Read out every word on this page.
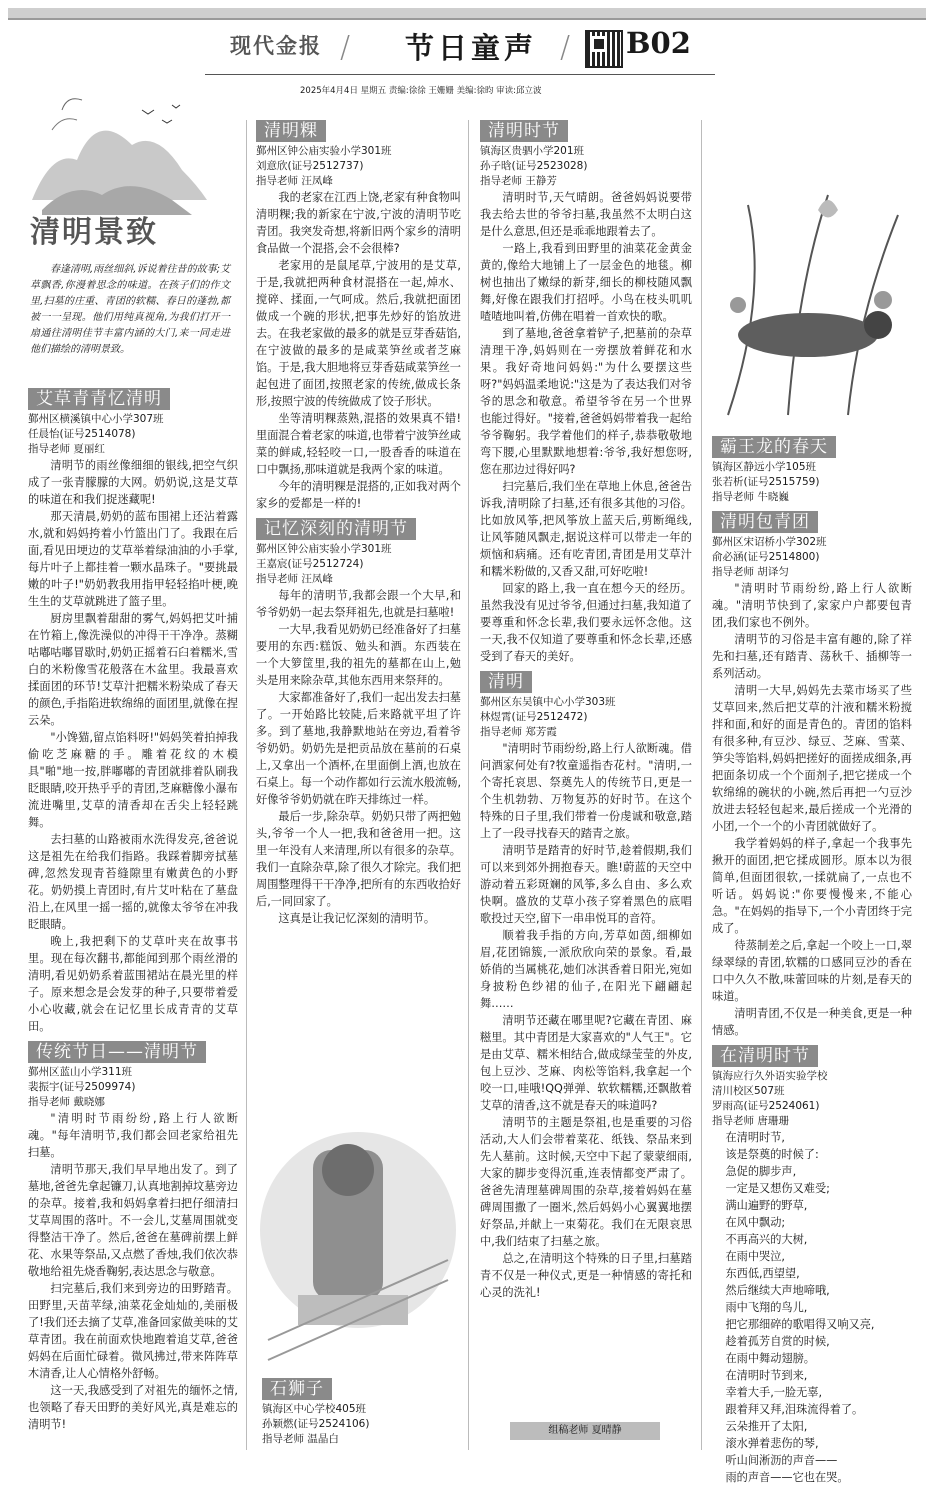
现代金报 / 节日童声 / B02
2025年4月4日 星期五 责编:徐徐 王姗姗 美编:徐昀 审读:邱立波
清明景致

春逢清明,雨丝细斜,诉说着往昔的故事;艾草飘香,你漫着思念的味道。在孩子们的作文里,扫墓的庄重、青团的软糯、春日的蓬勃,都被一一呈现。他们用纯真视角,为我们打开一扇通往清明佳节丰富内涵的大门,来一同走进他们描绘的清明景致。

艾草青青忆清明

鄞州区横溪镇中心小学307班

任晨怡(证号2514078)

指导老师 夏丽红

清明节的雨丝像细细的银线,把空气织成了一张青朦朦的大网。奶奶说,这是艾草的味道在和我们捉迷藏呢!

那天清晨,奶奶的蓝布围裙上还沾着露水,就和妈妈挎着小竹篮出门了。我跟在后面,看见田埂边的艾草举着绿油油的小手掌,每片叶子上都挂着一颗水晶珠子。"要挑最嫩的叶子!"奶奶教我用指甲轻轻掐叶梗,晚生生的艾草就跳进了篮子里。

厨房里飘着甜甜的雾气,妈妈把艾叶捕在竹箱上,像洗澡似的冲得干干净净。蒸糊咕嘟咕嘟冒歇时,奶奶正摇着石臼着糯米,雪白的米粉像雪花般落在木盆里。我最喜欢揉面团的环节!艾草汁把糯米粉染成了春天的颜色,手指陷进软绵绵的面团里,就像在捏云朵。

"小馋猫,留点馅料呀!"妈妈笑着拍掉我偷吃芝麻糖的手。雕着花纹的木模具"啪"地一按,胖嘟嘟的青团就排着队刷我眨眼睛,咬开热乎乎的青团,芝麻糖像小瀑布流进嘴里,艾草的清香却在舌尖上轻轻跳舞。

去扫墓的山路被雨水洗得发亮,爸爸说这是祖先在给我们指路。我踩着脚旁拭墓碑,忽然发现青苔缝隙里有嫩黄色的小野花。奶奶摸上青团时,有片艾叶粘在了墓盘沿上,在风里一摇一摇的,就像太爷爷在冲我眨眼睛。

晚上,我把剩下的艾草叶夹在故事书里。现在每次翻书,都能闻到那个雨丝滑的清明,看见奶奶系着蓝围裙站在晨光里的样子。原来想念是会发芽的种子,只要带着爱小心收藏,就会在记忆里长成青青的艾草田。

传统节日——清明节

鄞州区蓝山小学311班

裴振宇(证号2509974)

指导老师 戴晓娜

"清明时节雨纷纷,路上行人欲断魂。"每年清明节,我们都会回老家给祖先扫墓。

清明节那天,我们早早地出发了。到了墓地,爸爸先拿起镰刀,认真地割掉坟墓旁边的杂草。接着,我和妈妈拿着扫把仔细清扫艾草周围的落叶。不一会儿,艾墓周围就变得整洁干净了。然后,爸爸在墓碑前摆上鲜花、水果等祭品,又点燃了香烛,我们依次恭敬地给祖先烧香鞠躬,表达思念与敬意。

扫完墓后,我们来到旁边的田野踏青。田野里,天苗苹绿,油菜花金灿灿的,美丽极了!我们还去摘了艾草,准备回家做美味的艾草青团。我在前面欢快地跑着追艾草,爸爸妈妈在后面忙碌着。微风拂过,带来阵阵草木清香,让人心情格外舒畅。

这一天,我感受到了对祖先的缅怀之情,也领略了春天田野的美好风光,真是难忘的清明节!

清明粿

鄞州区钟公庙实验小学301班

刘意欣(证号2512737)

指导老师 汪凤峰

我的老家在江西上饶,老家有种食物叫清明粿;我的新家在宁波,宁波的清明节吃青团。我突发奇想,将新旧两个家乡的清明食品做一个混搭,会不会很棒?

老家用的是鼠尾草,宁波用的是艾草,于是,我就把两种食材混搭在一起,焯水、搅碎、揉面,一气呵成。然后,我就把面团做成一个碗的形状,把事先炒好的馅放进去。在我老家做的最多的就是豆芽香菇馅,在宁波做的最多的是咸菜笋丝或者芝麻馅。于是,我大胆地将豆芽香菇咸菜笋丝一起包进了面团,按照老家的传统,做成长条形,按照宁波的传统做成了饺子形状。

坐等清明粿蒸熟,混搭的效果真不错!里面混合着老家的味道,也带着宁波笋丝咸菜的鲜咸,轻轻咬一口,一股香香的味道在口中飘扬,那味道就是我两个家的味道。

今年的清明粿是混搭的,正如我对两个家乡的爱都是一样的!

记忆深刻的清明节

鄞州区钟公庙实验小学301班

王嘉宸(证号2512724)

指导老师 汪凤峰

每年的清明节,我都会跟一个大早,和爷爷奶奶一起去祭拜祖先,也就是扫墓啦!

一大早,我看见奶奶已经准备好了扫墓要用的东西:糕饭、勉头和酒。东西装在一个大箩筐里,我的祖先的墓都在山上,勉头是用来除杂草,其他东西用来祭拜的。

大家都准备好了,我们一起出发去扫墓了。一开始路比较陡,后来路就平坦了许多。到了墓地,我静默地站在旁边,看着爷爷奶奶。奶奶先是把贡品放在墓前的石桌上,又拿出一个酒杯,在里面倒上酒,也放在石桌上。每一个动作都如行云流水般流畅,好像爷爷奶奶就在昨天排练过一样。

最后一步,除杂草。奶奶只带了两把勉头,爷爷一个人一把,我和爸爸用一把。这里一年没有人来清理,所以有很多的杂草。我们一直除杂草,除了很久才除完。我们把周围整理得干干净净,把所有的东西收拾好后,一同回家了。

这真是让我记忆深刻的清明节。

石狮子

镇海区中心学校405班

孙颖燃(证号2524106)

指导老师 温晶白

清明时节

镇海区贵驷小学201班

孙子晗(证号2523028)

指导老师 王静芳

清明时节,天气晴朗。爸爸妈妈说要带我去给去世的爷爷扫墓,我虽然不太明白这是什么意思,但还是乖乖地跟着去了。

一路上,我看到田野里的油菜花金黄金黄的,像给大地铺上了一层金色的地毯。柳树也抽出了嫩绿的新芽,细长的柳枝随风飘舞,好像在跟我们打招呼。小鸟在枝头叽叽喳喳地叫着,仿佛在唱着一首欢快的歌。

到了墓地,爸爸拿着铲子,把墓前的杂草清理干净,妈妈则在一旁摆放着鲜花和水果。我好奇地问妈妈:"为什么要摆这些呀?"妈妈温柔地说:"这是为了表达我们对爷爷的思念和敬意。希望爷爷在另一个世界也能过得好。"接着,爸爸妈妈带着我一起给爷爷鞠躬。我学着他们的样子,恭恭敬敬地弯下腰,心里默默地想着:爷爷,我好想您呀,您在那边过得好吗?

扫完墓后,我们坐在草地上休息,爸爸告诉我,清明除了扫墓,还有很多其他的习俗。比如放风筝,把风筝放上蓝天后,剪断绳线,让风筝随风飘走,据说这样可以带走一年的烦恼和病痛。还有吃青团,青团是用艾草汁和糯米粉做的,又香又甜,可好吃啦!

回家的路上,我一直在想今天的经历。虽然我没有见过爷爷,但通过扫墓,我知道了要尊重和怀念长辈,我们要永远怀念他。这一天,我不仅知道了要尊重和怀念长辈,还感受到了春天的美好。

清明

鄞州区东吴镇中心小学303班

林煜霄(证号2512472)

指导老师 郑芳霞

"清明时节雨纷纷,路上行人欲断魂。借问酒家何处有?牧童遥指杏花村。"清明,一个寄托哀思、祭奠先人的传统节日,更是一个生机勃勃、万物复苏的好时节。在这个特殊的日子里,我们带着一份虔诚和敬意,踏上了一段寻找春天的踏青之旅。

清明节是踏青的好时节,趁着假期,我们可以来到郊外拥抱春天。瞧!蔚蓝的天空中游动着五彩斑斓的风筝,多么自由、多么欢快啊。盛放的艾草小孩子穿着黑色的底唱歌投过天空,留下一串串悦耳的音符。

顺着我手指的方向,芳草如茵,细柳如眉,花团锦簇,一派欣欣向荣的景象。看,最娇俏的当属桃花,她们冰淇香着日阳光,宛如身披粉色纱裙的仙子,在阳光下翩翩起舞……

清明节还藏在哪里呢?它藏在青团、麻糍里。其中青团是大家喜欢的"人气王"。它是由艾草、糯米相结合,做成绿莹莹的外皮,包上豆沙、芝麻、肉松等馅料,我拿起一个咬一口,哇哦!QQ弹弹、软软糯糯,还飘散着艾草的清香,这不就是春天的味道吗?

清明节的主题是祭祖,也是重要的习俗活动,大人们会带着菜花、纸钱、祭品来到先人墓前。这时候,天空中下起了蒙蒙细雨,大家的脚步变得沉重,连表情都变严肃了。爸爸先清理墓碑周围的杂草,接着妈妈在墓碑周围撒了一圈米,然后妈妈小心翼翼地摆好祭品,并献上一束菊花。我们在无限哀思中,我们结束了扫墓之旅。

总之,在清明这个特殊的日子里,扫墓踏青不仅是一种仪式,更是一种情感的寄托和心灵的洗礼!

组稿老师 夏晴静
霸王龙的春天

镇海区静远小学105班

张若析(证号2515759)

指导老师 牛晓巍

清明包青团

鄞州区宋诏桥小学302班

俞必涵(证号2514800)

指导老师 胡译匀

"清明时节雨纷纷,路上行人欲断魂。"清明节快到了,家家户户都要包青团,我们家也不例外。

清明节的习俗是丰富有趣的,除了祥先和扫墓,还有踏青、荡秋千、插柳等一系列活动。

清明一大早,妈妈先去菜市场买了些艾草回来,然后把艾草的汁液和糯米粉搅拌和面,和好的面是青色的。青团的馅料有很多种,有豆沙、绿豆、芝麻、雪菜、笋尖等馅料,妈妈把搓好的面搓成细条,再把面条切成一个个面剂子,把它搓成一个软绵绵的碗状的小碗,然后再把一勺豆沙放进去轻轻包起来,最后搓成一个光滑的小团,一个一个的小青团就做好了。

我学着妈妈的样子,拿起一个我事先揪开的面团,把它揉成圆形。原本以为很简单,但面团很软,一揉就扁了,一点也不听话。妈妈说:"你要慢慢来,不能心急。"在妈妈的指导下,一个小青团终于完成了。

待蒸制差之后,拿起一个咬上一口,翠绿翠绿的青团,软糯的口感同豆沙的香在口中久久不散,味蕾回味的片刻,是春天的味道。

清明青团,不仅是一种美食,更是一种情感。

在清明时节

镇海应行久外语实验学校

清川校区507班

罗雨高(证号2524061)

指导老师 唐珊珊

在清明时节,

该是祭奠的时候了:

急促的脚步声,

一定是又想伤又难受;

满山遍野的野草,

在风中飘动;

不再高兴的大树,

在雨中哭泣,

东西低,西望望,

然后继续大声地啼哦,

雨中飞翔的鸟儿,

把它那细碎的歌唱得又响又亮,

趁着孤芳自赏的时候,

在雨中舞动翅膀。

在清明时节到来,

幸着大手,一脸无辜,

跟着拜又拜,泪珠流得着了。

云朵推开了太阳,

滚水弹着悲伤的琴,

听山间淅沥的声音——

雨的声音——它也在哭。
